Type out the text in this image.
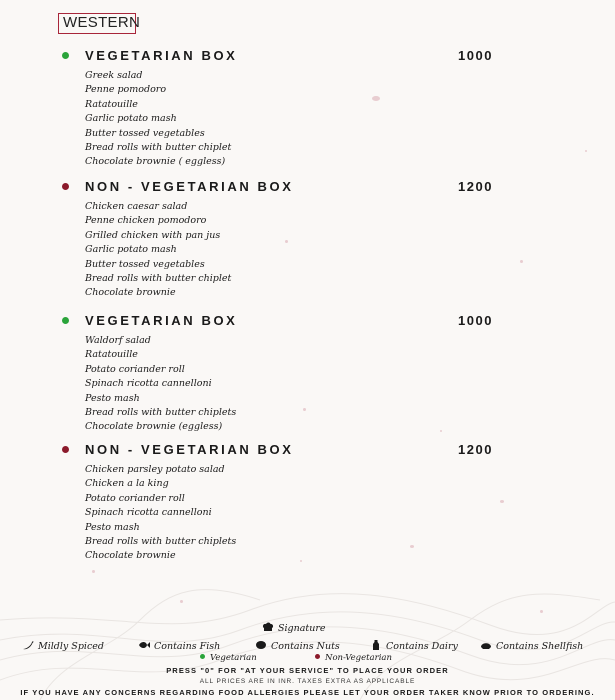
WESTERN
VEGETARIAN BOX	1000
Greek salad
Penne pomodoro
Ratatouille
Garlic potato mash
Butter tossed vegetables
Bread rolls with butter chiplet
Chocolate brownie ( eggless)
NON - VEGETARIAN BOX	1200
Chicken caesar salad
Penne chicken pomodoro
Grilled chicken with pan jus
Garlic potato mash
Butter tossed vegetables
Bread rolls with butter chiplet
Chocolate brownie
VEGETARIAN BOX	1000
Waldorf salad
Ratatouille
Potato coriander roll
Spinach ricotta cannelloni
Pesto mash
Bread rolls with butter chiplets
Chocolate brownie (eggless)
NON - VEGETARIAN BOX	1200
Chicken parsley potato salad
Chicken a la king
Potato coriander roll
Spinach ricotta cannelloni
Pesto mash
Bread rolls with butter chiplets
Chocolate brownie
Signature
Mildly Spiced	Contains Fish	Contains Nuts	Contains Dairy	Contains Shellfish
Vegetarian	Non-Vegetarian
PRESS "0" FOR "AT YOUR SERVICE" TO PLACE YOUR ORDER
ALL PRICES ARE IN INR. TAXES EXTRA AS APPLICABLE
IF YOU HAVE ANY CONCERNS REGARDING FOOD ALLERGIES PLEASE LET YOUR ORDER TAKER KNOW PRIOR TO ORDERING.
